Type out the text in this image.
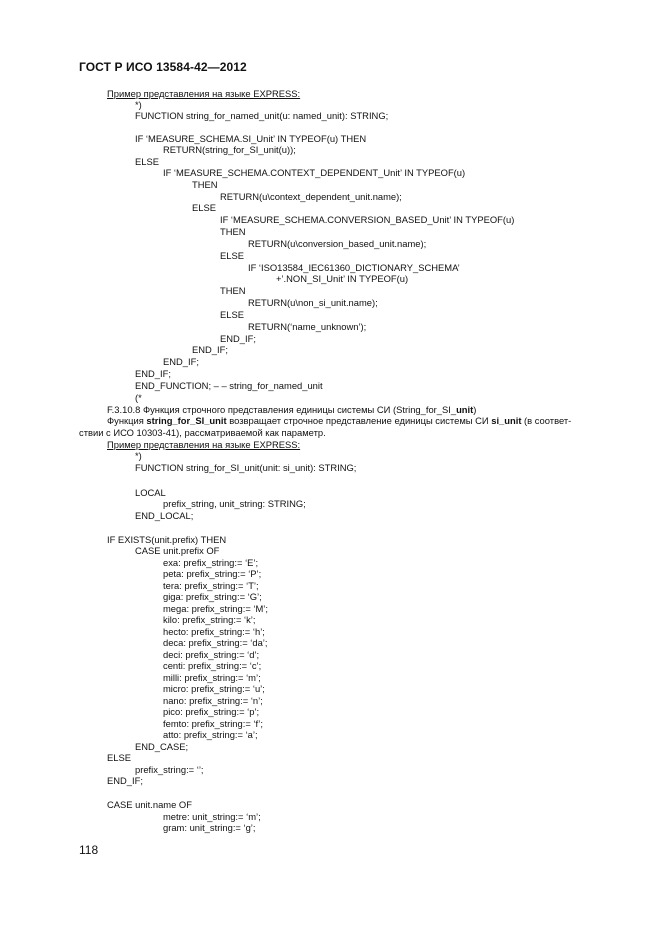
ГОСТ Р ИСО 13584-42—2012
Пример представления на языке EXPRESS:
*)
FUNCTION string_for_named_unit(u: named_unit): STRING;
IF ‘MEASURE_SCHEMA.SI_Unit’ IN TYPEOF(u) THEN
RETURN(string_for_SI_unit(u));
ELSE
IF ‘MEASURE_SCHEMA.CONTEXT_DEPENDENT_Unit’ IN TYPEOF(u)
THEN
RETURN(u\context_dependent_unit.name);
ELSE
IF ‘MEASURE_SCHEMA.CONVERSION_BASED_Unit’ IN TYPEOF(u)
THEN
RETURN(u\conversion_based_unit.name);
ELSE
IF ‘ISO13584_IEC61360_DICTIONARY_SCHEMA’
+’.NON_SI_Unit’ IN TYPEOF(u)
THEN
RETURN(u\non_si_unit.name);
ELSE
RETURN(‘name_unknown’);
END_IF;
END_IF;
END_IF;
END_IF;
END_FUNCTION; – – string_for_named_unit
(*
F.3.10.8 Функция строчного представления единицы системы СИ (String_for_SI_unit)
Функция string_for_SI_unit возвращает строчное представление единицы системы СИ si_unit (в соответ-
ствии с ИСО 10303-41), рассматриваемой как параметр.
Пример представления на языке EXPRESS:
*)
FUNCTION string_for_SI_unit(unit: si_unit): STRING;
LOCAL
prefix_string, unit_string: STRING;
END_LOCAL;
IF EXISTS(unit.prefix) THEN
CASE unit.prefix OF
exa: prefix_string:= ‘E’;
peta: prefix_string:= ‘P’;
tera: prefix_string:= ‘T’;
giga: prefix_string:= ‘G’;
mega: prefix_string:= ‘M’;
kilo: prefix_string:= ‘k’;
hecto: prefix_string:= ‘h’;
deca: prefix_string:= ‘da’;
deci: prefix_string:= ‘d’;
centi: prefix_string:= ‘c’;
milli: prefix_string:= ‘m’;
micro: prefix_string:= ‘u’;
nano: prefix_string:= ‘n’;
pico: prefix_string:= ‘p’;
femto: prefix_string:= ‘f’;
atto: prefix_string:= ‘a’;
END_CASE;
ELSE
prefix_string:= ‘’;
END_IF;
CASE unit.name OF
metre: unit_string:= ‘m’;
gram: unit_string:= ‘g’;
118
